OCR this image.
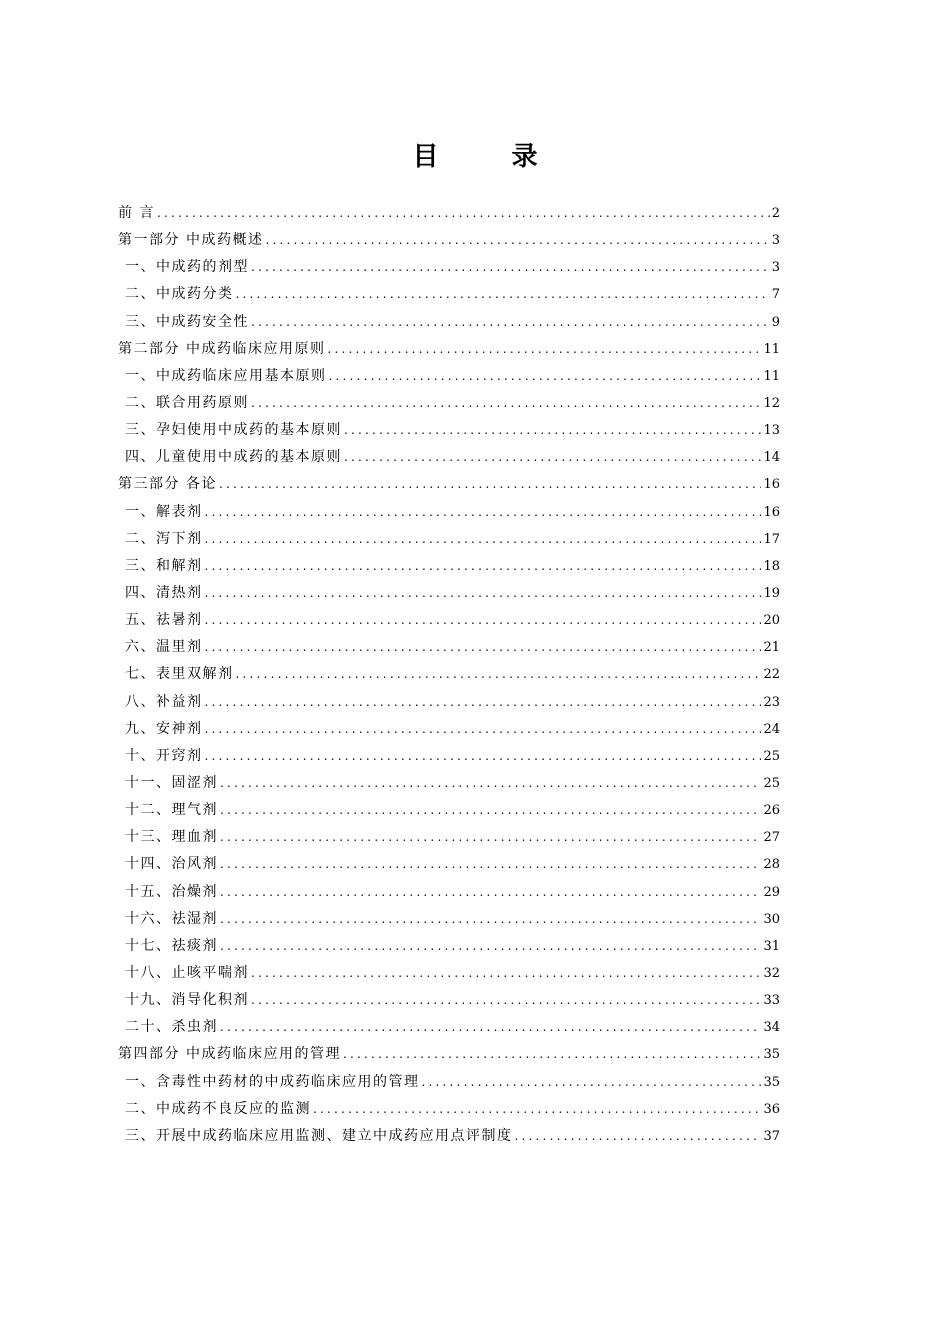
目 录
前 言 .....	2
第一部分 中成药概述 .....	3
一、中成药的剂型 .....	3
二、中成药分类 .....	7
三、中成药安全性 .....	9
第二部分 中成药临床应用原则 .....	11
一、中成药临床应用基本原则 .....	11
二、联合用药原则 .....	12
三、孕妇使用中成药的基本原则 .....	13
四、儿童使用中成药的基本原则 .....	14
第三部分 各论 .....	16
一、解表剂 .....	16
二、泻下剂 .....	17
三、和解剂 .....	18
四、清热剂 .....	19
五、祛暑剂 .....	20
六、温里剂 .....	21
七、表里双解剂 .....	22
八、补益剂 .....	23
九、安神剂 .....	24
十、开窍剂 .....	25
十一、固涩剂 .....	25
十二、理气剂 .....	26
十三、理血剂 .....	27
十四、治风剂 .....	28
十五、治燥剂 .....	29
十六、祛湿剂 .....	30
十七、祛痰剂 .....	31
十八、止咳平喘剂 .....	32
十九、消导化积剂 .....	33
二十、杀虫剂 .....	34
第四部分 中成药临床应用的管理 .....	35
一、含毒性中药材的中成药临床应用的管理 .....	35
二、中成药不良反应的监测 .....	36
三、开展中成药临床应用监测、建立中成药应用点评制度 .....	37
